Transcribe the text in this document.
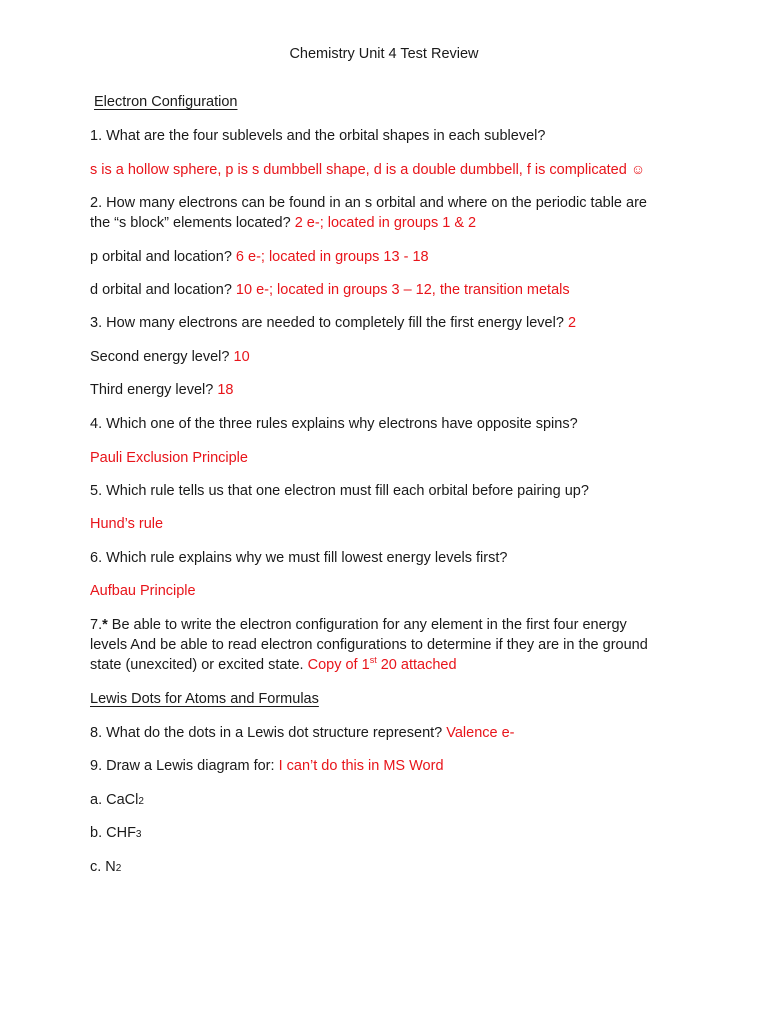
Chemistry Unit 4 Test Review
Electron Configuration
1. What are the four sublevels and the orbital shapes in each sublevel?
s is a hollow sphere, p is s dumbbell shape, d is a double dumbbell, f is complicated ☺
2. How many electrons can be found in an s orbital and where on the periodic table are
the “s block” elements located? 2 e-; located in groups 1 & 2
p orbital and location? 6 e-; located in groups 13 - 18
d orbital and location? 10 e-; located in groups 3 – 12, the transition metals
3. How many electrons are needed to completely fill the first energy level? 2
Second energy level? 10
Third energy level? 18
4. Which one of the three rules explains why electrons have opposite spins?
Pauli Exclusion Principle
5. Which rule tells us that one electron must fill each orbital before pairing up?
Hund’s rule
6. Which rule explains why we must fill lowest energy levels first?
Aufbau Principle
7.* Be able to write the electron configuration for any element in the first four energy
levels And be able to read electron configurations to determine if they are in the ground
state (unexcited) or excited state. Copy of 1st 20 attached
Lewis Dots for Atoms and Formulas
8. What do the dots in a Lewis dot structure represent? Valence e-
9. Draw a Lewis diagram for: I can’t do this in MS Word
a. CaCl2
b. CHF3
c. N2
